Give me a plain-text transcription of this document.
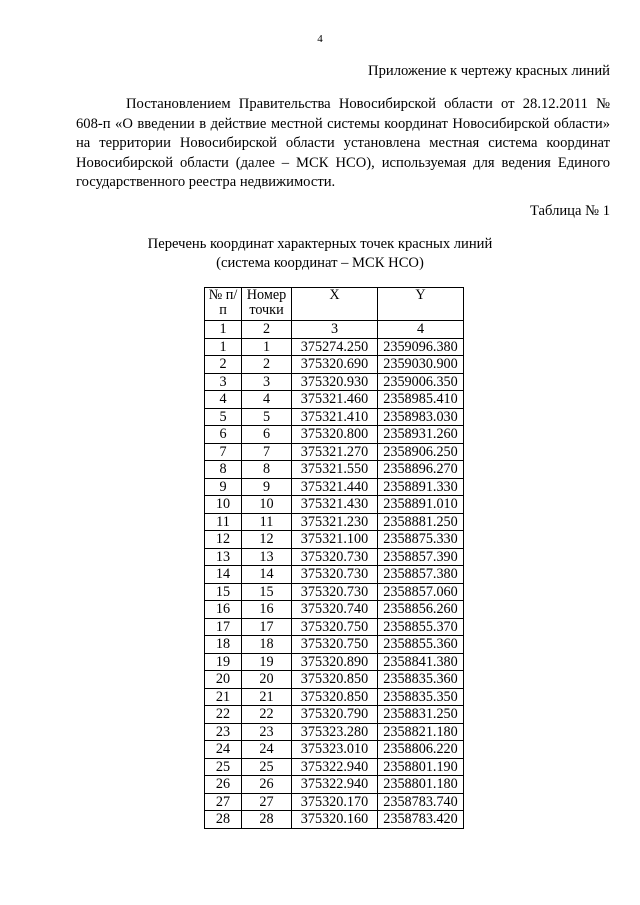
4
Приложение к чертежу красных линий
Постановлением Правительства Новосибирской области от 28.12.2011 № 608-п «О введении в действие местной системы координат Новосибирской области» на территории Новосибирской области установлена местная система координат Новосибирской области (далее – МСК НСО), используемая для ведения Единого государственного реестра недвижимости.
Таблица № 1
Перечень координат характерных точек красных линий
(система координат – МСК НСО)
№ п/п	Номер точки	X	Y
1	2	3	4
1	1	375274.250	2359096.380
2	2	375320.690	2359030.900
3	3	375320.930	2359006.350
4	4	375321.460	2358985.410
5	5	375321.410	2358983.030
6	6	375320.800	2358931.260
7	7	375321.270	2358906.250
8	8	375321.550	2358896.270
9	9	375321.440	2358891.330
10	10	375321.430	2358891.010
11	11	375321.230	2358881.250
12	12	375321.100	2358875.330
13	13	375320.730	2358857.390
14	14	375320.730	2358857.380
15	15	375320.730	2358857.060
16	16	375320.740	2358856.260
17	17	375320.750	2358855.370
18	18	375320.750	2358855.360
19	19	375320.890	2358841.380
20	20	375320.850	2358835.360
21	21	375320.850	2358835.350
22	22	375320.790	2358831.250
23	23	375323.280	2358821.180
24	24	375323.010	2358806.220
25	25	375322.940	2358801.190
26	26	375322.940	2358801.180
27	27	375320.170	2358783.740
28	28	375320.160	2358783.420
